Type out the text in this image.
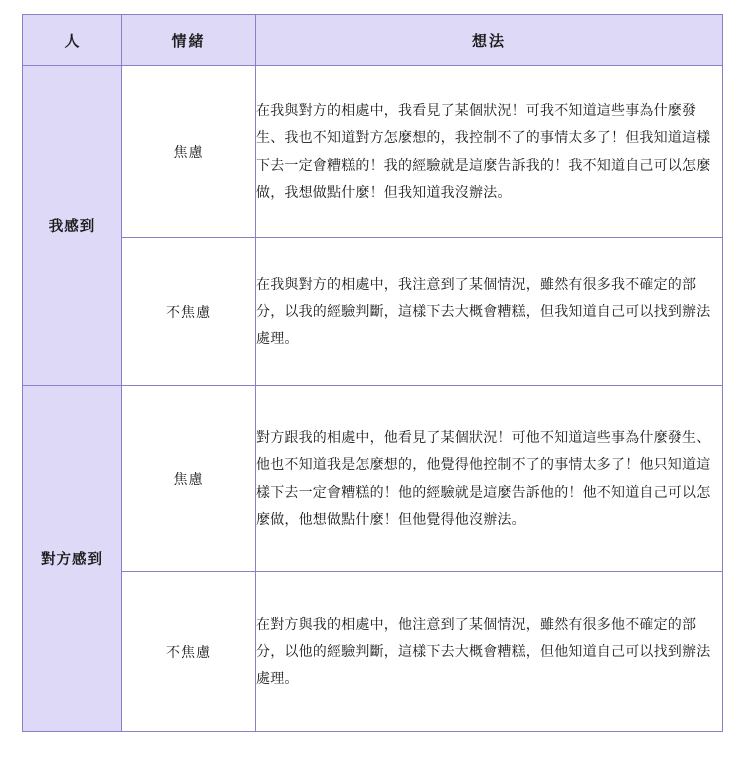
人	情緒	想法
我感到	焦慮	在我與對方的相處中，我看見了某個狀況！可我不知道這些事為什麼發生、我也不知道對方怎麼想的，我控制不了的事情太多了！但我知道這樣下去一定會糟糕的！我的經驗就是這麼告訴我的！我不知道自己可以怎麼做，我想做點什麼！但我知道我沒辦法。
	不焦慮	在我與對方的相處中，我注意到了某個情況，雖然有很多我不確定的部分，以我的經驗判斷，這樣下去大概會糟糕，但我知道自己可以找到辦法處理。
對方感到	焦慮	對方跟我的相處中，他看見了某個狀況！可他不知道這些事為什麼發生、他也不知道我是怎麼想的，他覺得他控制不了的事情太多了！他只知道這樣下去一定會糟糕的！他的經驗就是這麼告訴他的！他不知道自己可以怎麼做，他想做點什麼！但他覺得他沒辦法。
	不焦慮	在對方與我的相處中，他注意到了某個情況，雖然有很多他不確定的部分，以他的經驗判斷，這樣下去大概會糟糕，但他知道自己可以找到辦法處理。
